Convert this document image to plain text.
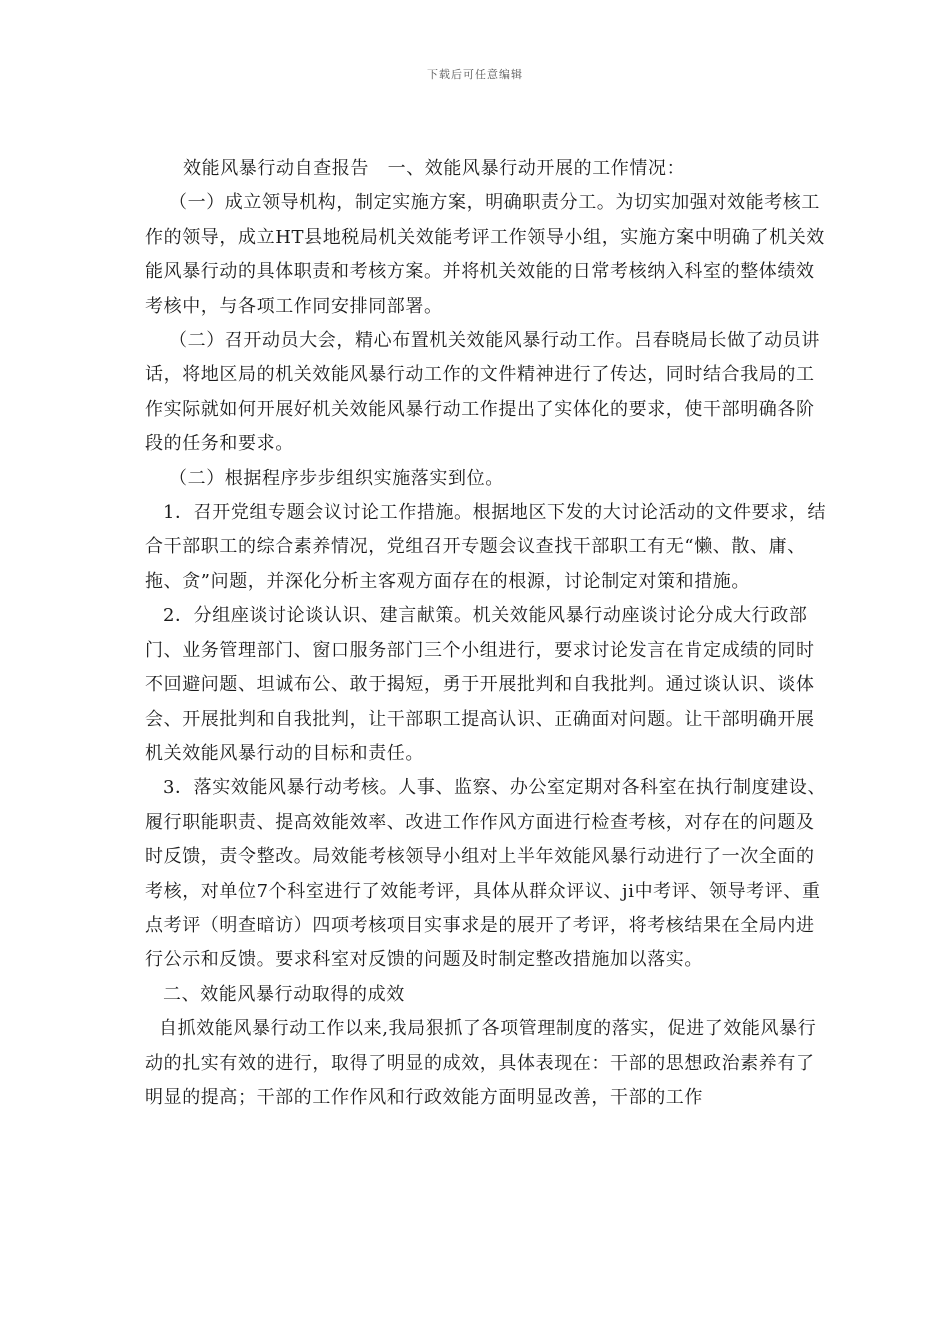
下载后可任意编辑

效能风暴行动自查报告　一、效能风暴行动开展的工作情况：

（一）成立领导机构，制定实施方案，明确职责分工。为切实加强对效能考核工作的领导，成立HT县地税局机关效能考评工作领导小组，实施方案中明确了机关效能风暴行动的具体职责和考核方案。并将机关效能的日常考核纳入科室的整体绩效考核中，与各项工作同安排同部署。

（二）召开动员大会，精心布置机关效能风暴行动工作。吕春晓局长做了动员讲话，将地区局的机关效能风暴行动工作的文件精神进行了传达，同时结合我局的工作实际就如何开展好机关效能风暴行动工作提出了实体化的要求，使干部明确各阶段的任务和要求。

（二）根据程序步步组织实施落实到位。

1．召开党组专题会议讨论工作措施。根据地区下发的大讨论活动的文件要求，结合干部职工的综合素养情况，党组召开专题会议查找干部职工有无“懒、散、庸、拖、贪”问题，并深化分析主客观方面存在的根源，讨论制定对策和措施。

2．分组座谈讨论谈认识、建言献策。机关效能风暴行动座谈讨论分成大行政部门、业务管理部门、窗口服务部门三个小组进行，要求讨论发言在肯定成绩的同时不回避问题、坦诚布公、敢于揭短，勇于开展批判和自我批判。通过谈认识、谈体会、开展批判和自我批判，让干部职工提高认识、正确面对问题。让干部明确开展机关效能风暴行动的目标和责任。

3．落实效能风暴行动考核。人事、监察、办公室定期对各科室在执行制度建设、履行职能职责、提高效能效率、改进工作作风方面进行检查考核，对存在的问题及时反馈，责令整改。局效能考核领导小组对上半年效能风暴行动进行了一次全面的考核，对单位7个科室进行了效能考评，具体从群众评议、ji中考评、领导考评、重点考评（明查暗访）四项考核项目实事求是的展开了考评，将考核结果在全局内进行公示和反馈。要求科室对反馈的问题及时制定整改措施加以落实。

二、效能风暴行动取得的成效

自抓效能风暴行动工作以来,我局狠抓了各项管理制度的落实，促进了效能风暴行动的扎实有效的进行，取得了明显的成效，具体表现在：干部的思想政治素养有了明显的提高；干部的工作作风和行政效能方面明显改善，干部的工作
